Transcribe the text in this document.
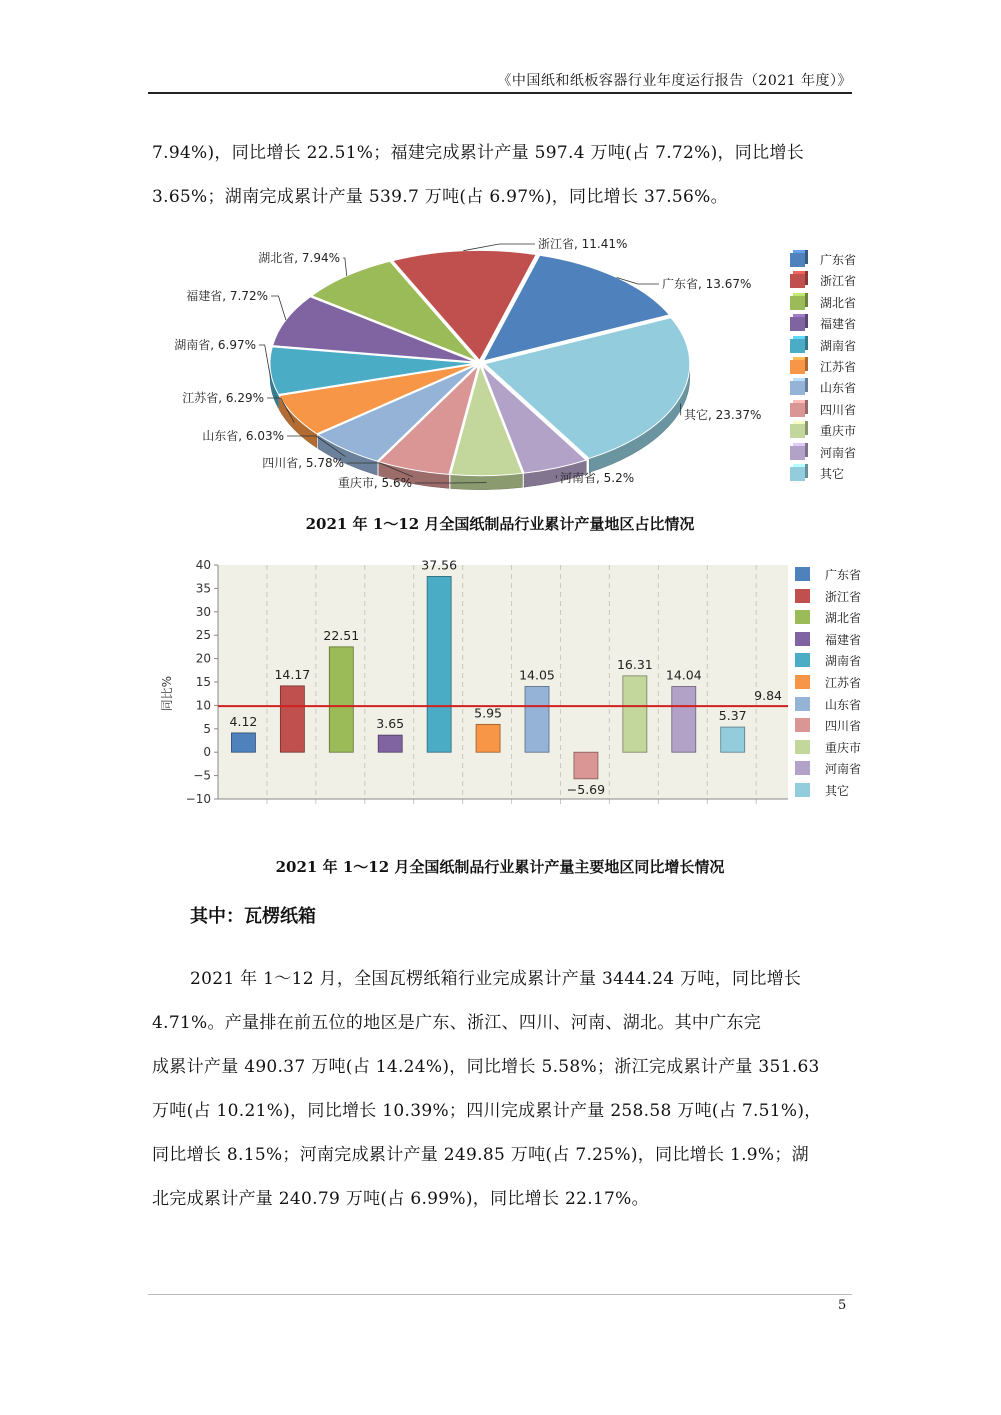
《中国纸和纸板容器行业年度运行报告（2021 年度）》
7.94%)，同比增长 22.51%；福建完成累计产量 597.4 万吨(占 7.72%)，同比增长
3.65%；湖南完成累计产量 539.7 万吨(占 6.97%)，同比增长 37.56%。
广东省, 13.67%
其它, 23.37%
河南省, 5.2%
重庆市, 5.6%
四川省, 5.78%
山东省, 6.03%
江苏省, 6.29%
湖南省, 6.97%
福建省, 7.72%
湖北省, 7.94%
浙江省, 11.41%
广东省
浙江省
湖北省
福建省
湖南省
江苏省
山东省
四川省
重庆市
河南省
其它
2021 年 1～12 月全国纸制品行业累计产量地区占比情况
40
35
30
25
20
15
10
5
0
−5
−10
同比%
4.12
14.17
22.51
3.65
37.56
5.95
14.05
−5.69
16.31
14.04
5.37
9.84
广东省
浙江省
湖北省
福建省
湖南省
江苏省
山东省
四川省
重庆市
河南省
其它
2021 年 1～12 月全国纸制品行业累计产量主要地区同比增长情况
其中：瓦楞纸箱
2021 年 1～12 月，全国瓦楞纸箱行业完成累计产量 3444.24 万吨，同比增长
4.71%。产量排在前五位的地区是广东、浙江、四川、河南、湖北。其中广东完
成累计产量 490.37 万吨(占 14.24%)，同比增长 5.58%；浙江完成累计产量 351.63
万吨(占 10.21%)，同比增长 10.39%；四川完成累计产量 258.58 万吨(占 7.51%)，
同比增长 8.15%；河南完成累计产量 249.85 万吨(占 7.25%)，同比增长 1.9%；湖
北完成累计产量 240.79 万吨(占 6.99%)，同比增长 22.17%。
5
